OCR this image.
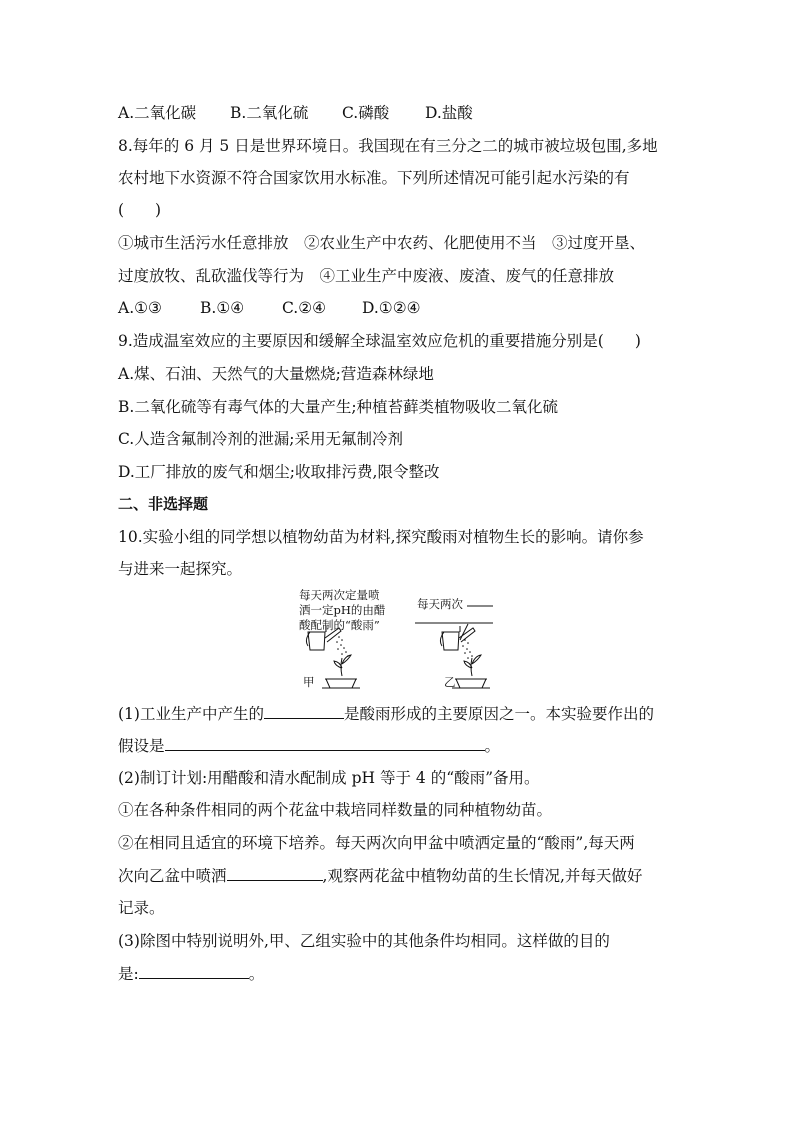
A.二氧化碳 B.二氧化硫 C.磷酸 D.盐酸
8.每年的 6 月 5 日是世界环境日。我国现在有三分之二的城市被垃圾包围,多地
农村地下水资源不符合国家饮用水标准。下列所述情况可能引起水污染的有
(　　)
①城市生活污水任意排放　②农业生产中农药、化肥使用不当　③过度开垦、
过度放牧、乱砍滥伐等行为　④工业生产中废液、废渣、废气的任意排放
A.①③ B.①④ C.②④ D.①②④
9.造成温室效应的主要原因和缓解全球温室效应危机的重要措施分别是(　　)
A.煤、石油、天然气的大量燃烧;营造森林绿地
B.二氧化硫等有毒气体的大量产生;种植苔藓类植物吸收二氧化硫
C.人造含氟制冷剂的泄漏;采用无氟制冷剂
D.工厂排放的废气和烟尘;收取排污费,限令整改
二、非选择题
10.实验小组的同学想以植物幼苗为材料,探究酸雨对植物生长的影响。请你参
与进来一起探究。
每天两次定量喷
洒一定pH的由醋
酸配制的“酸雨”
每天两次
甲	乙
(1)工业生产中产生的	是酸雨形成的主要原因之一。本实验要作出的
假设是	。
(2)制订计划:用醋酸和清水配制成 pH 等于 4 的“酸雨”备用。
①在各种条件相同的两个花盆中栽培同样数量的同种植物幼苗。
②在相同且适宜的环境下培养。每天两次向甲盆中喷洒定量的“酸雨”,每天两
次向乙盆中喷洒	,观察两花盆中植物幼苗的生长情况,并每天做好
记录。
(3)除图中特别说明外,甲、乙组实验中的其他条件均相同。这样做的目的
是:	。
